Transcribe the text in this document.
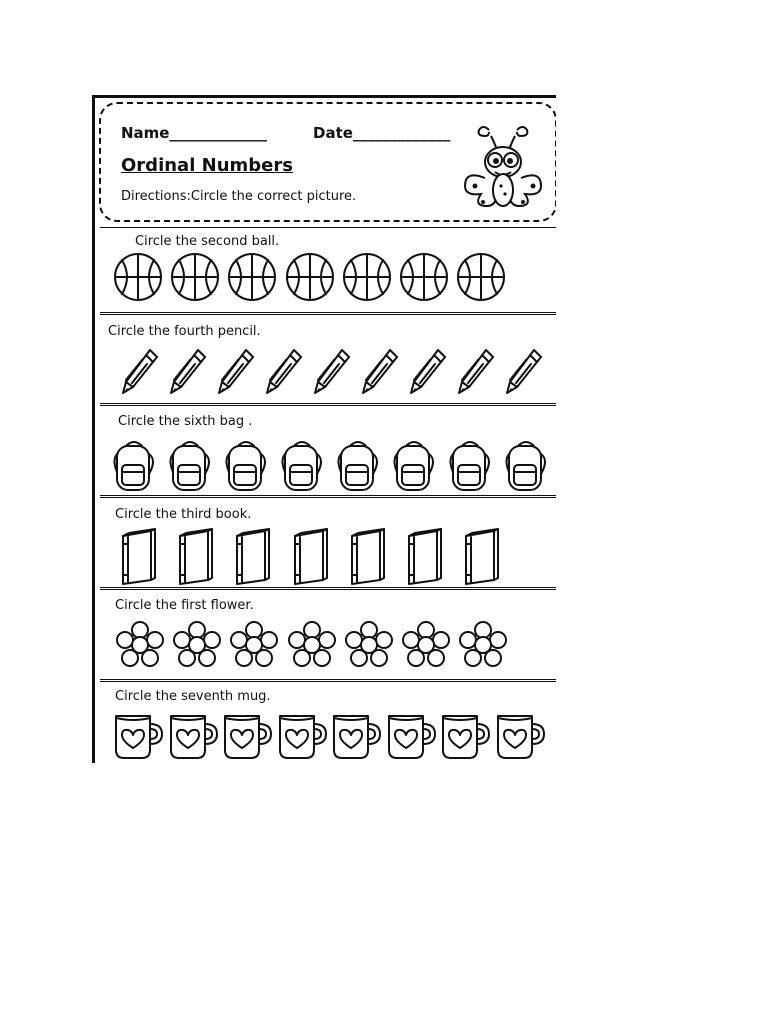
Name_____________	Date_____________
Ordinal Numbers
Directions:Circle the correct picture.
Circle the second ball.
Circle the fourth pencil.
Circle the sixth bag .
Circle the third book.
Circle the first flower.
Circle the seventh mug.
